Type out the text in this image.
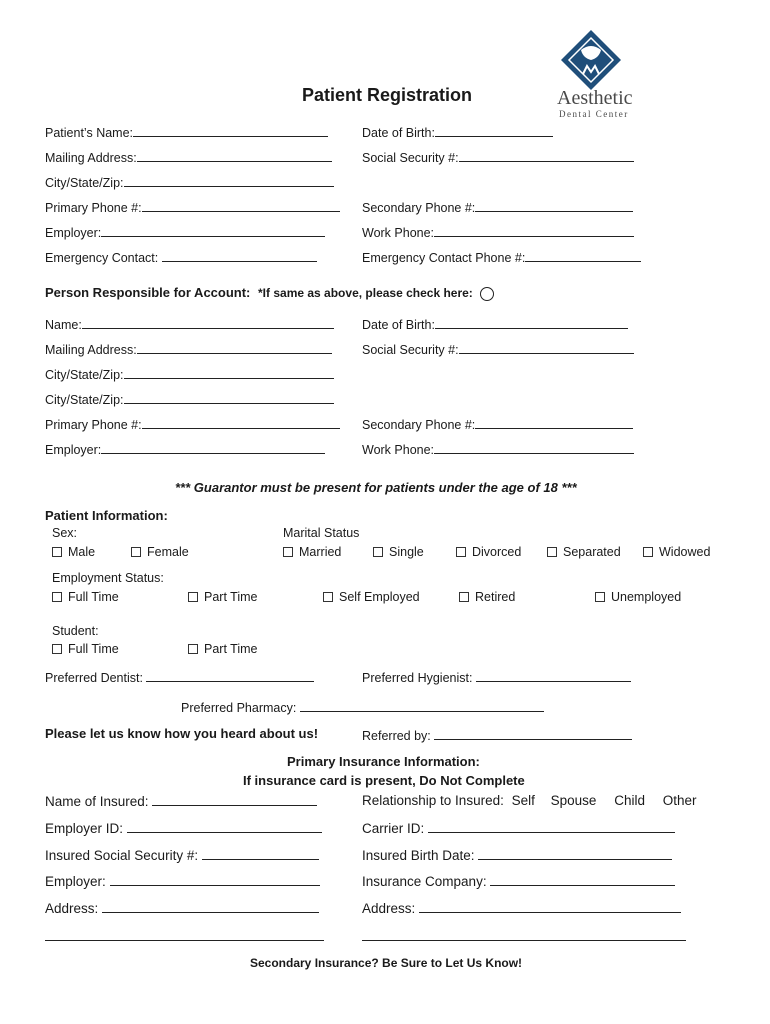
Aesthetic
Dental Center
Patient Registration
Patient’s Name:	Date of Birth:
Mailing Address:	Social Security #:
City/State/Zip:
Primary Phone #:	Secondary Phone #:
Employer:	Work Phone:
Emergency Contact:	Emergency Contact Phone #:
Person Responsible for Account: *If same as above, please check here:
Name:	Date of Birth:
Mailing Address:	Social Security #:
City/State/Zip:
City/State/Zip:
Primary Phone #:	Secondary Phone #:
Employer:	Work Phone:
*** Guarantor must be present for patients under the age of 18 ***
Patient Information:
Sex:	Marital Status
Male	Female	Married	Single	Divorced	Separated	Widowed
Employment Status:
Full Time	Part Time	Self Employed	Retired	Unemployed
Student:
Full Time	Part Time
Preferred Dentist:	Preferred Hygienist:
Preferred Pharmacy:
Please let us know how you heard about us!	Referred by:
Primary Insurance Information:
If insurance card is present, Do Not Complete
Name of Insured:	Relationship to Insured: Self Spouse Child Other
Employer ID:	Carrier ID:
Insured Social Security #:	Insured Birth Date:
Employer:	Insurance Company:
Address:	Address:
Secondary Insurance? Be Sure to Let Us Know!
